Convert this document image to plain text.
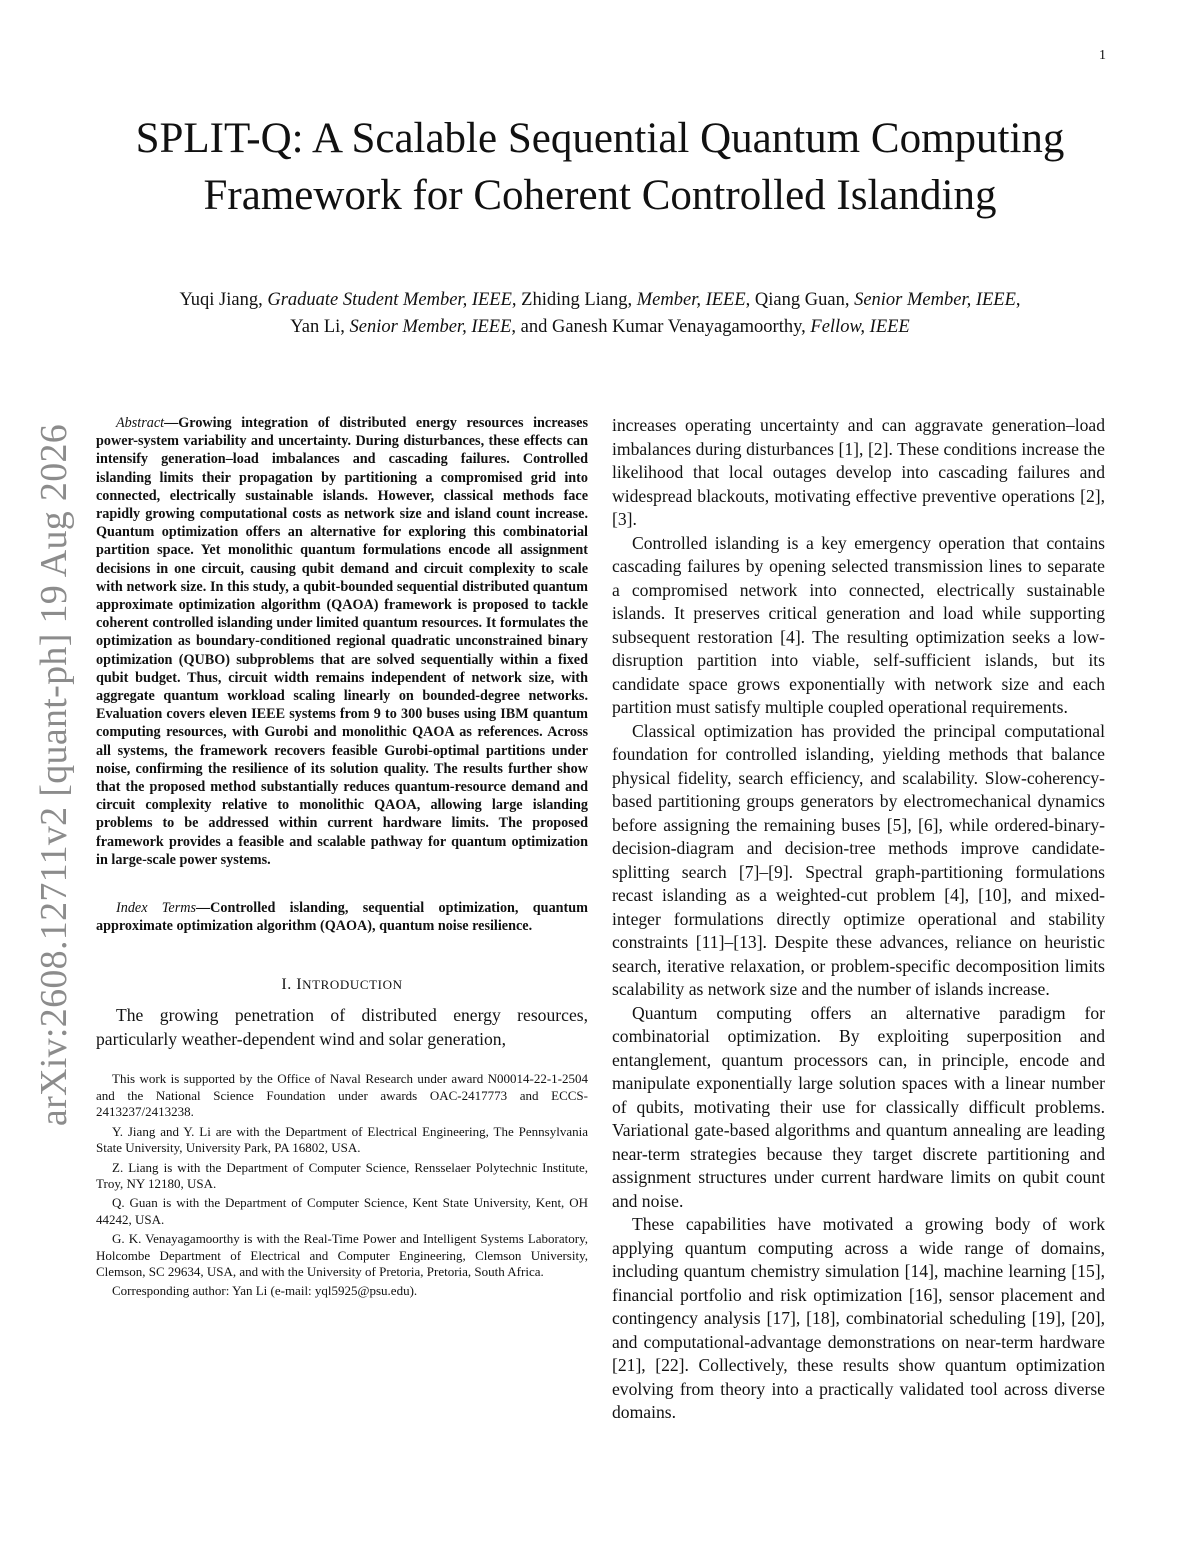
1
arXiv:2608.12711v2 [quant-ph] 19 Aug 2026
SPLIT-Q: A Scalable Sequential Quantum Computing Framework for Coherent Controlled Islanding
Yuqi Jiang, Graduate Student Member, IEEE, Zhiding Liang, Member, IEEE, Qiang Guan, Senior Member, IEEE,
Yan Li, Senior Member, IEEE, and Ganesh Kumar Venayagamoorthy, Fellow, IEEE

Abstract—Growing integration of distributed energy resources increases power-system variability and uncertainty. During disturbances, these effects can intensify generation–load imbalances and cascading failures. Controlled islanding limits their propagation by partitioning a compromised grid into connected, electrically sustainable islands. However, classical methods face rapidly growing computational costs as network size and island count increase. Quantum optimization offers an alternative for exploring this combinatorial partition space. Yet monolithic quantum formulations encode all assignment decisions in one circuit, causing qubit demand and circuit complexity to scale with network size. In this study, a qubit-bounded sequential distributed quantum approximate optimization algorithm (QAOA) framework is proposed to tackle coherent controlled islanding under limited quantum resources. It formulates the optimization as boundary-conditioned regional quadratic unconstrained binary optimization (QUBO) subproblems that are solved sequentially within a fixed qubit budget. Thus, circuit width remains independent of network size, with aggregate quantum workload scaling linearly on bounded-degree networks. Evaluation covers eleven IEEE systems from 9 to 300 buses using IBM quantum computing resources, with Gurobi and monolithic QAOA as references. Across all systems, the framework recovers feasible Gurobi-optimal partitions under noise, confirming the resilience of its solution quality. The results further show that the proposed method substantially reduces quantum-resource demand and circuit complexity relative to monolithic QAOA, allowing large islanding problems to be addressed within current hardware limits. The proposed framework provides a feasible and scalable pathway for quantum optimization in large-scale power systems.

Index Terms—Controlled islanding, sequential optimization, quantum approximate optimization algorithm (QAOA), quantum noise resilience.

I. INTRODUCTION

The growing penetration of distributed energy resources, particularly weather-dependent wind and solar generation,

This work is supported by the Office of Naval Research under award N00014-22-1-2504 and the National Science Foundation under awards OAC-2417773 and ECCS-2413237/2413238.

Y. Jiang and Y. Li are with the Department of Electrical Engineering, The Pennsylvania State University, University Park, PA 16802, USA.

Z. Liang is with the Department of Computer Science, Rensselaer Polytechnic Institute, Troy, NY 12180, USA.

Q. Guan is with the Department of Computer Science, Kent State University, Kent, OH 44242, USA.

G. K. Venayagamoorthy is with the Real-Time Power and Intelligent Systems Laboratory, Holcombe Department of Electrical and Computer Engineering, Clemson University, Clemson, SC 29634, USA, and with the University of Pretoria, Pretoria, South Africa.

Corresponding author: Yan Li (e-mail: yql5925@psu.edu).

increases operating uncertainty and can aggravate generation–load imbalances during disturbances [1], [2]. These conditions increase the likelihood that local outages develop into cascading failures and widespread blackouts, motivating effective preventive operations [2], [3].

Controlled islanding is a key emergency operation that contains cascading failures by opening selected transmission lines to separate a compromised network into connected, electrically sustainable islands. It preserves critical generation and load while supporting subsequent restoration [4]. The resulting optimization seeks a low-disruption partition into viable, self-sufficient islands, but its candidate space grows exponentially with network size and each partition must satisfy multiple coupled operational requirements.

Classical optimization has provided the principal computational foundation for controlled islanding, yielding methods that balance physical fidelity, search efficiency, and scalability. Slow-coherency-based partitioning groups generators by electromechanical dynamics before assigning the remaining buses [5], [6], while ordered-binary-decision-diagram and decision-tree methods improve candidate-splitting search [7]–[9]. Spectral graph-partitioning formulations recast islanding as a weighted-cut problem [4], [10], and mixed-integer formulations directly optimize operational and stability constraints [11]–[13]. Despite these advances, reliance on heuristic search, iterative relaxation, or problem-specific decomposition limits scalability as network size and the number of islands increase.

Quantum computing offers an alternative paradigm for combinatorial optimization. By exploiting superposition and entanglement, quantum processors can, in principle, encode and manipulate exponentially large solution spaces with a linear number of qubits, motivating their use for classically difficult problems. Variational gate-based algorithms and quantum annealing are leading near-term strategies because they target discrete partitioning and assignment structures under current hardware limits on qubit count and noise.

These capabilities have motivated a growing body of work applying quantum computing across a wide range of domains, including quantum chemistry simulation [14], machine learning [15], financial portfolio and risk optimization [16], sensor placement and contingency analysis [17], [18], combinatorial scheduling [19], [20], and computational-advantage demonstrations on near-term hardware [21], [22]. Collectively, these results show quantum optimization evolving from theory into a practically validated tool across diverse domains.
